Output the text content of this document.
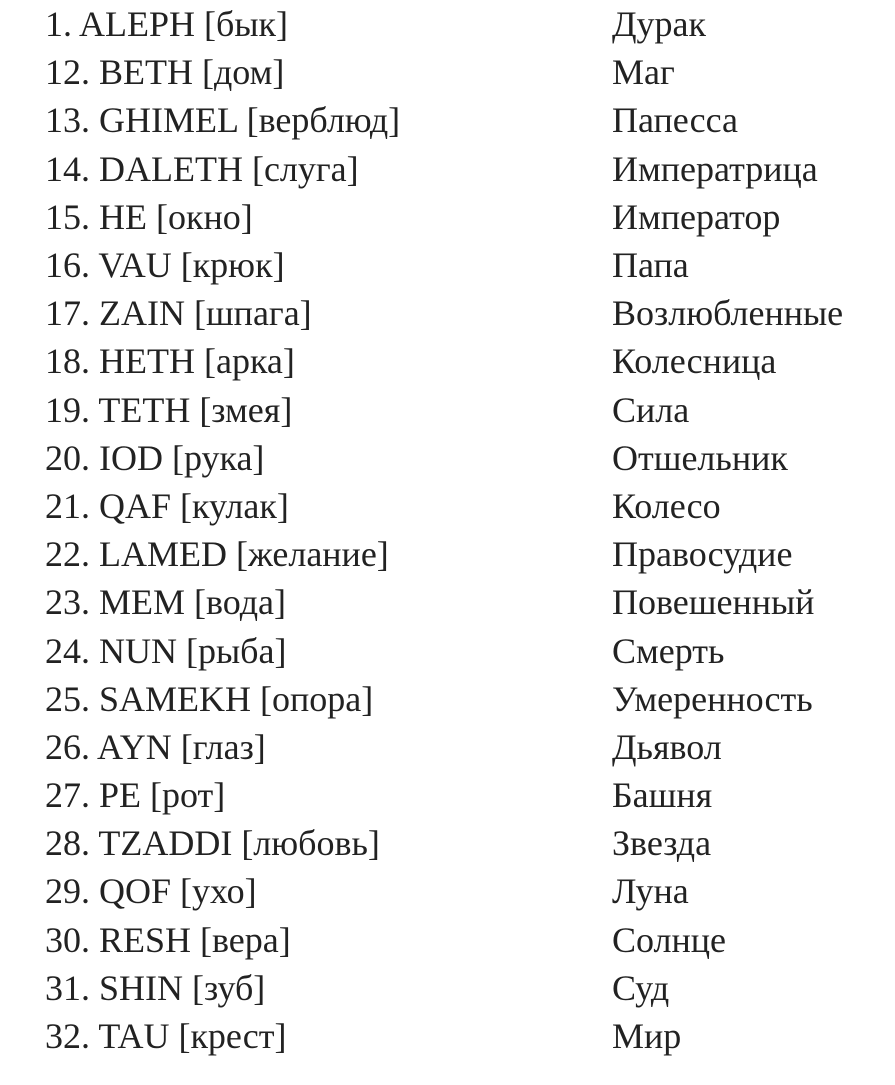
1. ALEPH [бык]	Дурак
12. BETH [дом]	Маг
13. GHIMEL [верблюд]	Папесса
14. DALETH [слуга]	Императрица
15. HE [окно]	Император
16. VAU [крюк]	Папа
17. ZAIN [шпага]	Возлюбленные
18. HETH [арка]	Колесница
19. TETH [змея]	Сила
20. IOD [рука]	Отшельник
21. QAF [кулак]	Колесо
22. LAMED [желание]	Правосудие
23. MEM [вода]	Повешенный
24. NUN [рыба]	Смерть
25. SAMEKH [опора]	Умеренность
26. AYN [глаз]	Дьявол
27. PE [рот]	Башня
28. TZADDI [любовь]	Звезда
29. QOF [ухо]	Луна
30. RESH [вера]	Солнце
31. SHIN [зуб]	Суд
32. TAU [крест]	Мир
